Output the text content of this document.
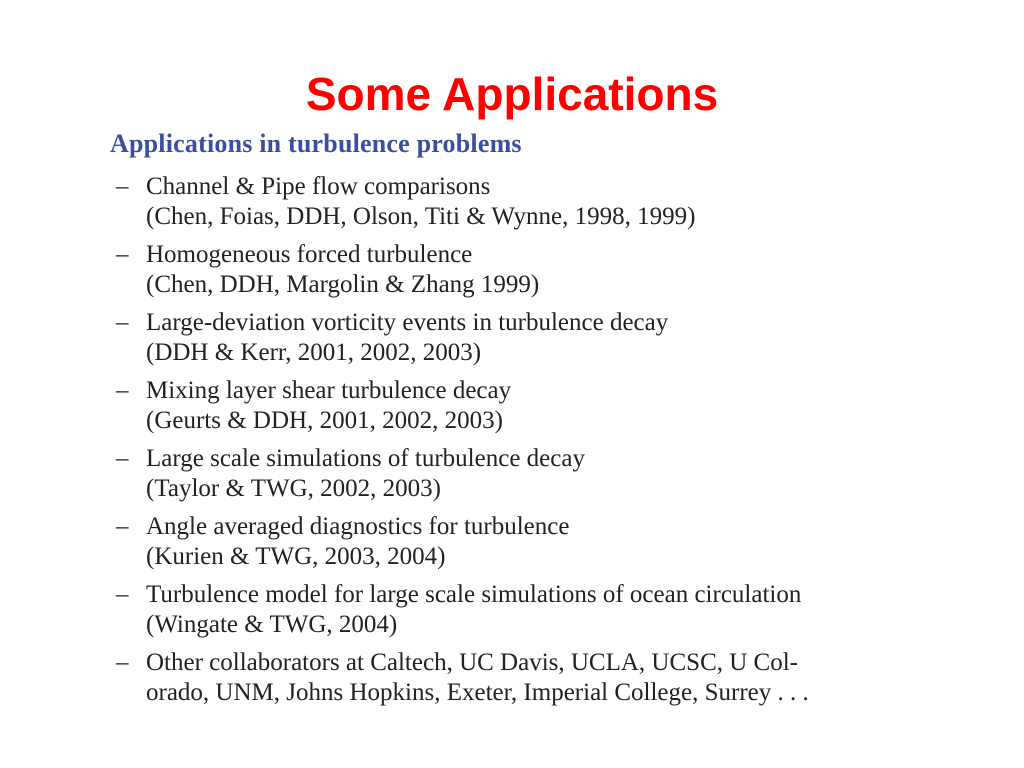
Some Applications
Applications in turbulence problems
– Channel & Pipe flow comparisons
(Chen, Foias, DDH, Olson, Titi & Wynne, 1998, 1999)
– Homogeneous forced turbulence
(Chen, DDH, Margolin & Zhang 1999)
– Large-deviation vorticity events in turbulence decay
(DDH & Kerr, 2001, 2002, 2003)
– Mixing layer shear turbulence decay
(Geurts & DDH, 2001, 2002, 2003)
– Large scale simulations of turbulence decay
(Taylor & TWG, 2002, 2003)
– Angle averaged diagnostics for turbulence
(Kurien & TWG, 2003, 2004)
– Turbulence model for large scale simulations of ocean circulation
(Wingate & TWG, 2004)
– Other collaborators at Caltech, UC Davis, UCLA, UCSC, U Col-
orado, UNM, Johns Hopkins, Exeter, Imperial College, Surrey . . .
